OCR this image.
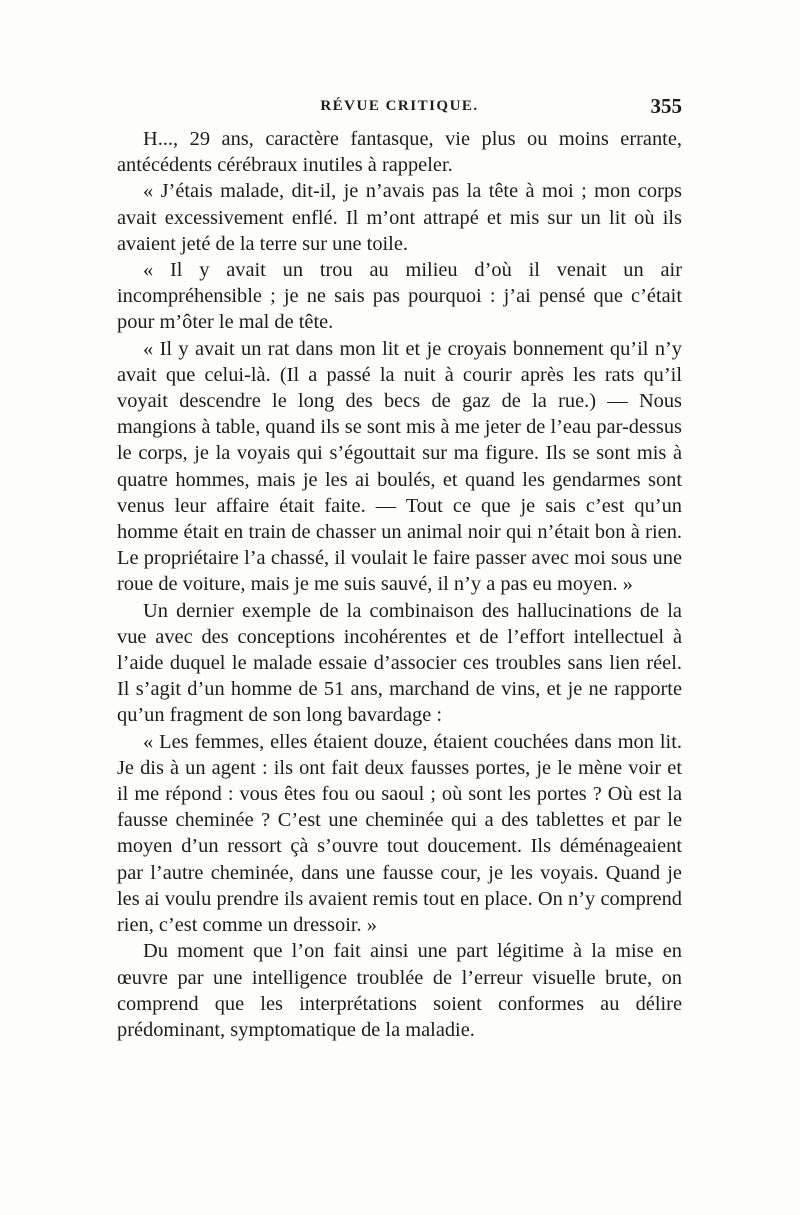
RÉVUE CRITIQUE.	355

H..., 29 ans, caractère fantasque, vie plus ou moins errante, antécédents cérébraux inutiles à rappeler.

« J’étais malade, dit-il, je n’avais pas la tête à moi ; mon corps avait excessivement enflé. Il m’ont attrapé et mis sur un lit où ils avaient jeté de la terre sur une toile.

« Il y avait un trou au milieu d’où il venait un air incompréhensible ; je ne sais pas pourquoi : j’ai pensé que c’était pour m’ôter le mal de tête.

« Il y avait un rat dans mon lit et je croyais bonnement qu’il n’y avait que celui-là. (Il a passé la nuit à courir après les rats qu’il voyait descendre le long des becs de gaz de la rue.) — Nous mangions à table, quand ils se sont mis à me jeter de l’eau par-dessus le corps, je la voyais qui s’égouttait sur ma figure. Ils se sont mis à quatre hommes, mais je les ai boulés, et quand les gendarmes sont venus leur affaire était faite. — Tout ce que je sais c’est qu’un homme était en train de chasser un animal noir qui n’était bon à rien. Le propriétaire l’a chassé, il voulait le faire passer avec moi sous une roue de voiture, mais je me suis sauvé, il n’y a pas eu moyen. »

Un dernier exemple de la combinaison des hallucinations de la vue avec des conceptions incohérentes et de l’effort intellectuel à l’aide duquel le malade essaie d’associer ces troubles sans lien réel. Il s’agit d’un homme de 51 ans, marchand de vins, et je ne rapporte qu’un fragment de son long bavardage :

« Les femmes, elles étaient douze, étaient couchées dans mon lit. Je dis à un agent : ils ont fait deux fausses portes, je le mène voir et il me répond : vous êtes fou ou saoul ; où sont les portes ? Où est la fausse cheminée ? C’est une cheminée qui a des tablettes et par le moyen d’un ressort çà s’ouvre tout doucement. Ils déménageaient par l’autre cheminée, dans une fausse cour, je les voyais. Quand je les ai voulu prendre ils avaient remis tout en place. On n’y comprend rien, c’est comme un dressoir. »

Du moment que l’on fait ainsi une part légitime à la mise en œuvre par une intelligence troublée de l’erreur visuelle brute, on comprend que les interprétations soient conformes au délire prédominant, symptomatique de la maladie.
